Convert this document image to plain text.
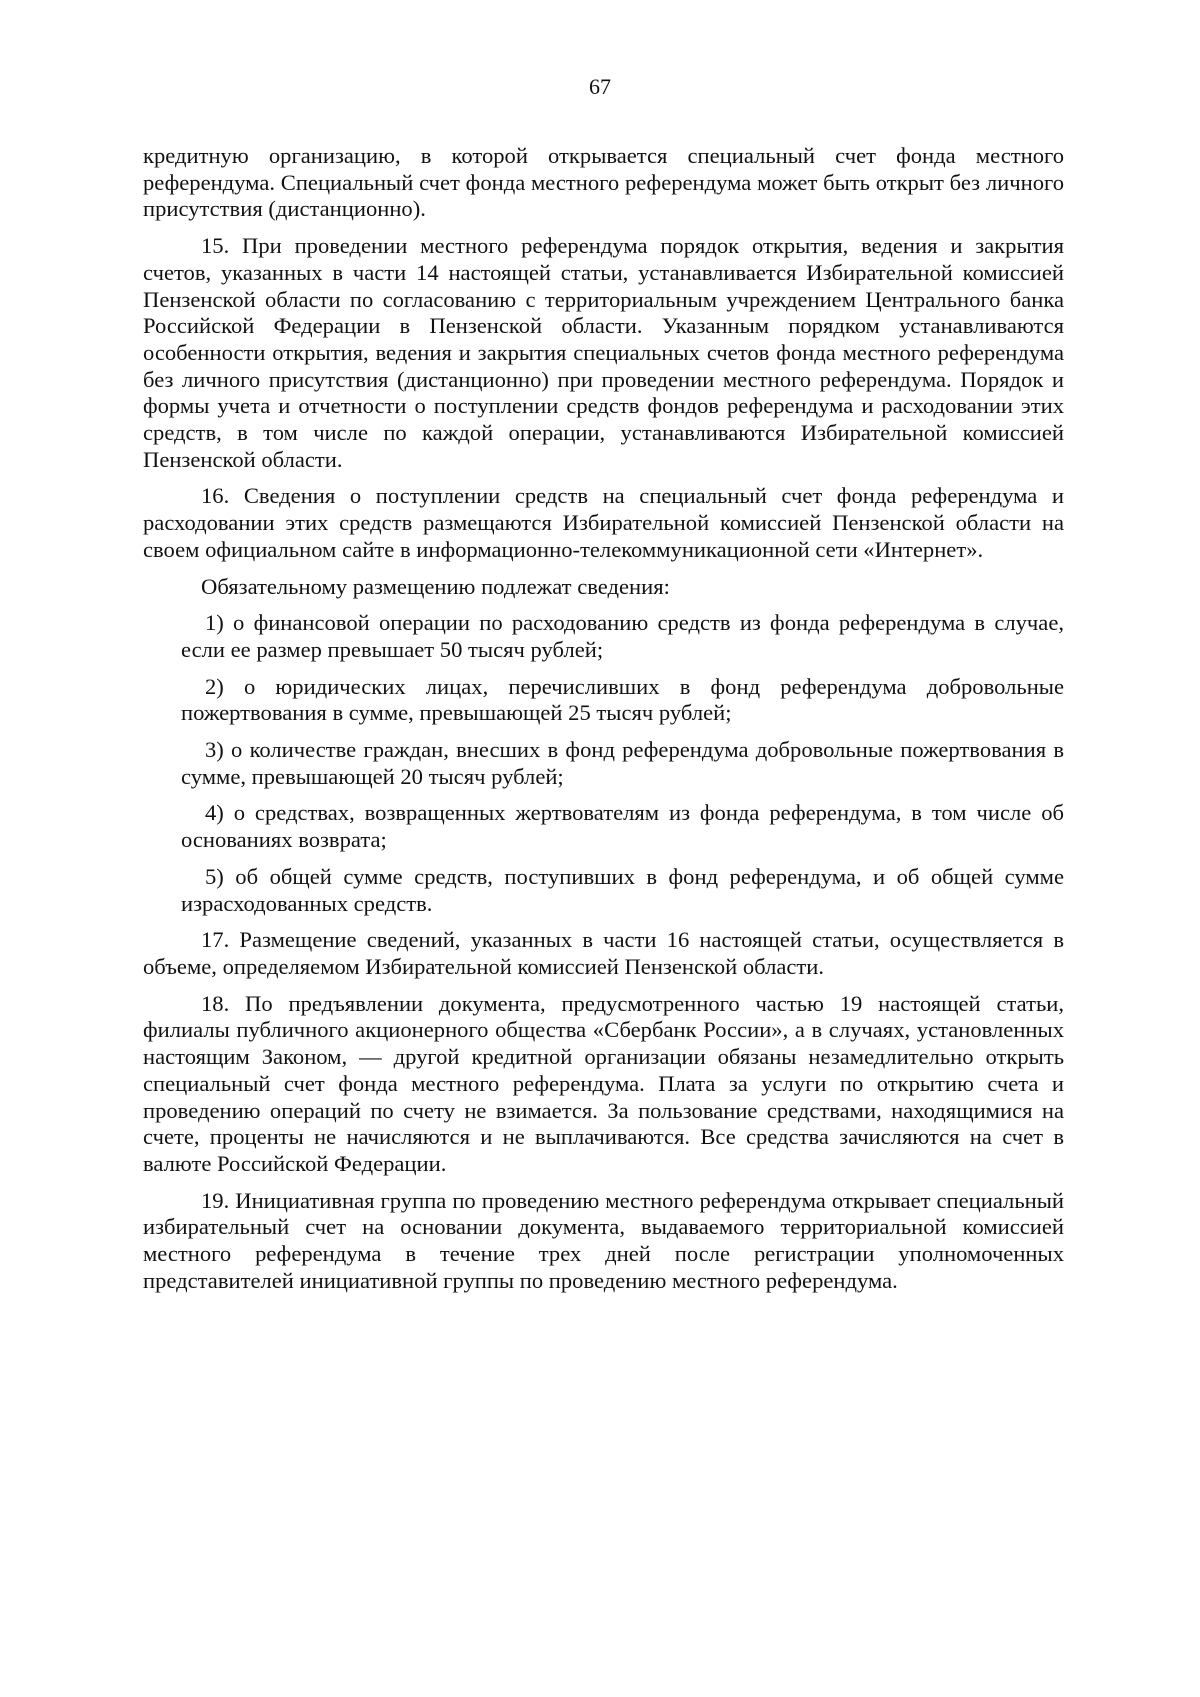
67

кредитную организацию, в которой открывается специальный счет фонда местного референдума. Специальный счет фонда местного референдума может быть открыт без личного присутствия (дистанционно).

15. При проведении местного референдума порядок открытия, ведения и закрытия счетов, указанных в части 14 настоящей статьи, устанавливается Избирательной комиссией Пензенской области по согласованию с территориальным учреждением Центрального банка Российской Федерации в Пензенской области. Указанным порядком устанавливаются особенности открытия, ведения и закрытия специальных счетов фонда местного референдума без личного присутствия (дистанционно) при проведении местного референдума. Порядок и формы учета и отчетности о поступлении средств фондов референдума и расходовании этих средств, в том числе по каждой операции, устанавливаются Избирательной комиссией Пензенской области.

16. Сведения о поступлении средств на специальный счет фонда референдума и расходовании этих средств размещаются Избирательной комиссией Пензенской области на своем официальном сайте в информационно-телекоммуникационной сети «Интернет».

Обязательному размещению подлежат сведения:

1) о финансовой операции по расходованию средств из фонда референдума в случае, если ее размер превышает 50 тысяч рублей;

2) о юридических лицах, перечисливших в фонд референдума добровольные пожертвования в сумме, превышающей 25 тысяч рублей;

3) о количестве граждан, внесших в фонд референдума добровольные пожертвования в сумме, превышающей 20 тысяч рублей;

4) о средствах, возвращенных жертвователям из фонда референдума, в том числе об основаниях возврата;

5) об общей сумме средств, поступивших в фонд референдума, и об общей сумме израсходованных средств.

17. Размещение сведений, указанных в части 16 настоящей статьи, осуществляется в объеме, определяемом Избирательной комиссией Пензенской области.

18. По предъявлении документа, предусмотренного частью 19 настоящей статьи, филиалы публичного акционерного общества «Сбербанк России», а в случаях, установленных настоящим Законом, — другой кредитной организации обязаны незамедлительно открыть специальный счет фонда местного референдума. Плата за услуги по открытию счета и проведению операций по счету не взимается. За пользование средствами, находящимися на счете, проценты не начисляются и не выплачиваются. Все средства зачисляются на счет в валюте Российской Федерации.

19. Инициативная группа по проведению местного референдума открывает специальный избирательный счет на основании документа, выдаваемого территориальной комиссией местного референдума в течение трех дней после регистрации уполномоченных представителей инициативной группы по проведению местного референдума.
